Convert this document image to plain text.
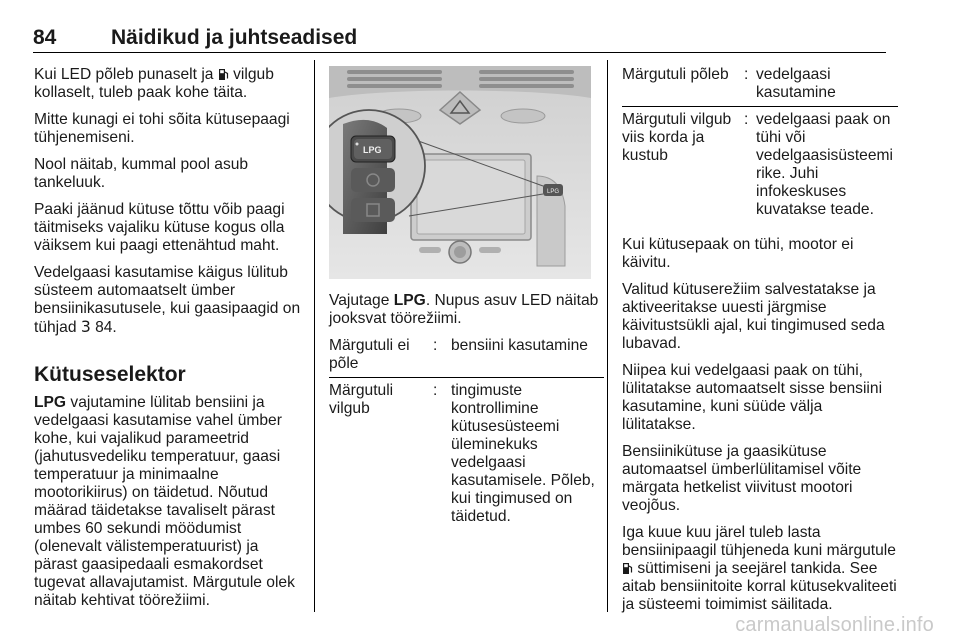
84	Näidikud ja juhtseadised

Kui LED põleb punaselt ja  vilgub kollaselt, tuleb paak kohe täita.

Mitte kunagi ei tohi sõita kütusepaagi tühjenemiseni.

Nool näitab, kummal pool asub tankeluuk.

Paaki jäänud kütuse tõttu võib paagi täitmiseks vajaliku kütuse kogus olla väiksem kui paagi ettenähtud maht.

Vedelgaasi kasutamise käigus lülitub süsteem automaatselt ümber bensiinikasutusele, kui gaasipaagid on tühjad 3 84.

Kütuseselektor

LPG vajutamine lülitab bensiini ja vedelgaasi kasutamise vahel ümber kohe, kui vajalikud parameetrid (jahutusvedeliku temperatuur, gaasi temperatuur ja minimaalne mootorikiirus) on täidetud. Nõutud määrad täidetakse tavaliselt pärast umbes 60 sekundi möödumist (olenevalt välistemperatuurist) ja pärast gaasipedaali esmakordset tugevat allavajutamist. Märgutule olek näitab kehtivat töörežiimi.

LPG
LPG

Vajutage LPG. Nupus asuv LED näitab jooksvat töörežiimi.

Märgutuli ei põle	:	bensiini kasutamine
Märgutuli vilgub	:	tingimuste kontrollimine kütusesüsteemi üleminekuks vedelgaasi kasutamisele. Põleb, kui tingimused on täidetud.
Märgutuli põleb	:	vedelgaasi kasutamine
Märgutuli vilgub viis korda ja kustub	:	vedelgaasi paak on tühi või vedelgaasisüsteemi rike. Juhi infokeskuses kuvatakse teade.

Kui kütusepaak on tühi, mootor ei käivitu.

Valitud kütuserežiim salvestatakse ja aktiveeritakse uuesti järgmise käivitustsükli ajal, kui tingimused seda lubavad.

Niipea kui vedelgaasi paak on tühi, lülitatakse automaatselt sisse bensiini kasutamine, kuni süüde välja lülitatakse.

Bensiinikütuse ja gaasikütuse automaatsel ümberlülitamisel võite märgata hetkelist viivitust mootori veojõus.

Iga kuue kuu järel tuleb lasta bensiinipaagil tühjeneda kuni märgutule  süttimiseni ja seejärel tankida. See aitab bensiinitoite korral kütusekvaliteeti ja süsteemi toimimist säilitada.

carmanualsonline.info
